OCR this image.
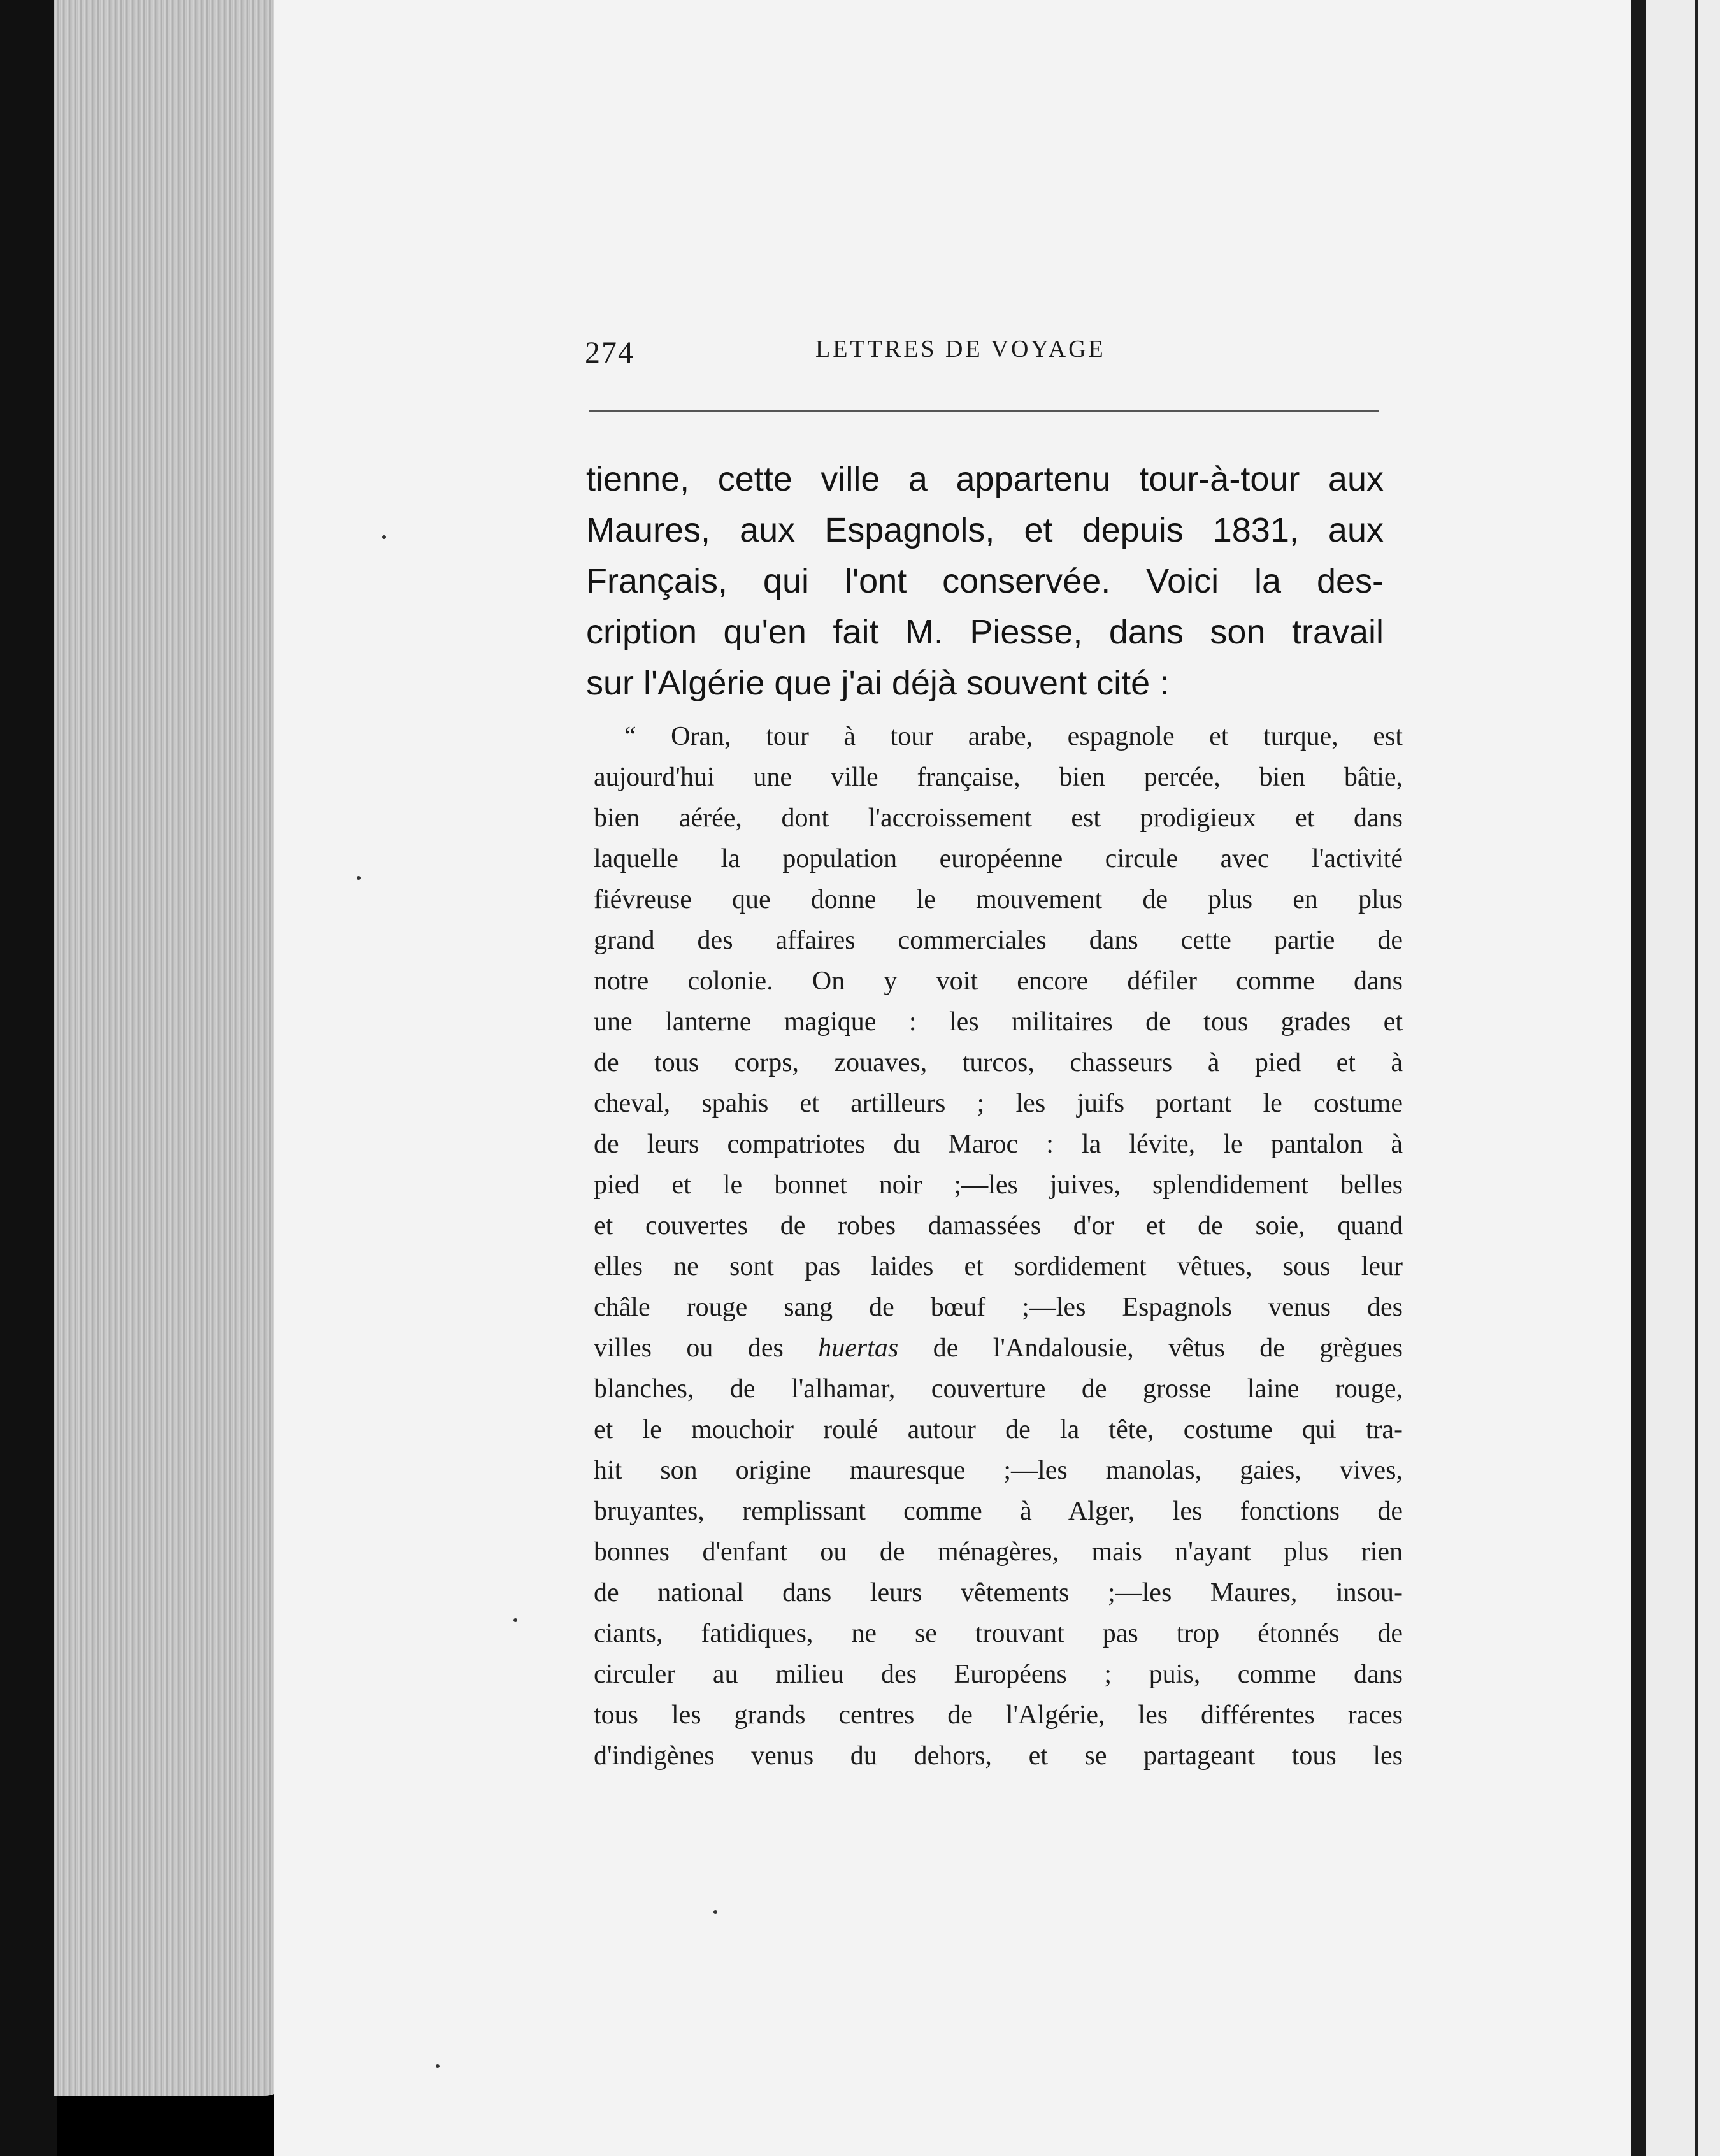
274	LETTRES DE VOYAGE
tienne, cette ville a appartenu tour-à-tour aux
Maures, aux Espagnols, et depuis 1831, aux
Français, qui l'ont conservée. Voici la des-
cription qu'en fait M. Piesse, dans son travail
sur l'Algérie que j'ai déjà souvent cité :
“ Oran, tour à tour arabe, espagnole et turque, est
aujourd'hui une ville française, bien percée, bien bâtie,
bien aérée, dont l'accroissement est prodigieux et dans
laquelle la population européenne circule avec l'activité
fiévreuse que donne le mouvement de plus en plus
grand des affaires commerciales dans cette partie de
notre colonie. On y voit encore défiler comme dans
une lanterne magique : les militaires de tous grades et
de tous corps, zouaves, turcos, chasseurs à pied et à
cheval, spahis et artilleurs ; les juifs portant le costume
de leurs compatriotes du Maroc : la lévite, le pantalon à
pied et le bonnet noir ;—les juives, splendidement belles
et couvertes de robes damassées d'or et de soie, quand
elles ne sont pas laides et sordidement vêtues, sous leur
châle rouge sang de bœuf ;—les Espagnols venus des
villes ou des huertas de l'Andalousie, vêtus de grègues
blanches, de l'alhamar, couverture de grosse laine rouge,
et le mouchoir roulé autour de la tête, costume qui tra-
hit son origine mauresque ;—les manolas, gaies, vives,
bruyantes, remplissant comme à Alger, les fonctions de
bonnes d'enfant ou de ménagères, mais n'ayant plus rien
de national dans leurs vêtements ;—les Maures, insou-
ciants, fatidiques, ne se trouvant pas trop étonnés de
circuler au milieu des Européens ; puis, comme dans
tous les grands centres de l'Algérie, les différentes races
d'indigènes venus du dehors, et se partageant tous les
